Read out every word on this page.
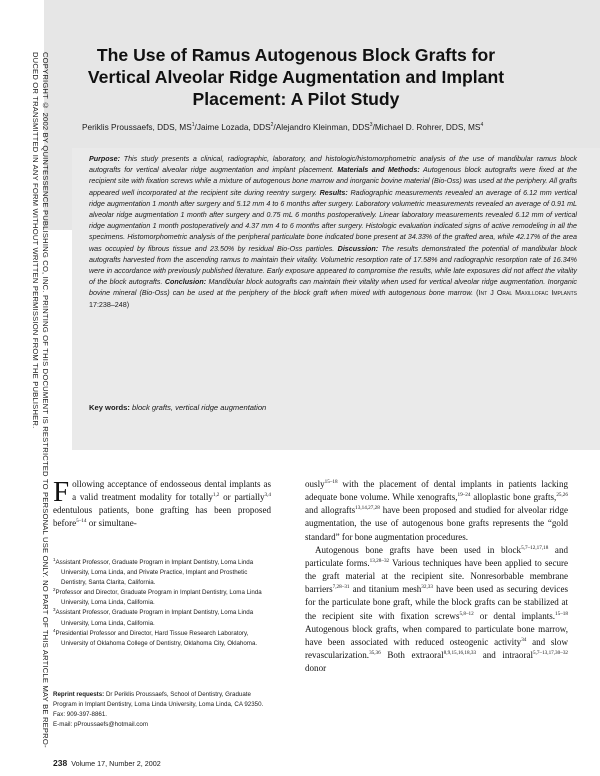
COPYRIGHT © 2002 BY QUINTESSENCE PUBLISHING CO, INC. PRINTING OF THIS DOCUMENT IS RESTRICTED TO PERSONAL USE ONLY. NO PART OF THIS ARTICLE MAY BE REPRO-
DUCED OR TRANSMITTED IN ANY FORM WITHOUT WRITTEN PERMISSION FROM THE PUBLISHER.
The Use of Ramus Autogenous Block Grafts for Vertical Alveolar Ridge Augmentation and Implant Placement: A Pilot Study
Periklis Proussaefs, DDS, $MS^1$/Jaime Lozada, DDS$^2$/Alejandro Kleinman, DDS$^3$/Michael D. Rohrer, DDS, $MS^4$
Purpose: This study presents a clinical, radiographic, laboratory, and histologic/histomorphometric analysis of the use of mandibular ramus block autografts for vertical alveolar ridge augmentation and implant placement. Materials and Methods: Autogenous block autografts were fixed at the recipient site with fixation screws while a mixture of autogenous bone marrow and inorganic bovine material (Bio-Oss) was used at the periphery. All grafts appeared well incorporated at the recipient site during reentry surgery. Results: Radiographic measurements revealed an average of 6.12 mm vertical ridge augmentation 1 month after surgery and 5.12 mm 4 to 6 months after surgery. Laboratory volumetric measurements revealed an average of 0.91 mL alveolar ridge augmentation 1 month after surgery and 0.75 mL 6 months postoperatively. Linear laboratory measurements revealed 6.12 mm of vertical ridge augmentation 1 month postoperatively and 4.37 mm 4 to 6 months after surgery. Histologic evaluation indicated signs of active remodeling in all the specimens. Histomorphometric analysis of the peripheral particulate bone indicated bone present at 34.33% of the grafted area, while 42.17% of the area was occupied by fibrous tissue and 23.50% by residual Bio-Oss particles. Discussion: The results demonstrated the potential of mandibular block autografts harvested from the ascending ramus to maintain their vitality. Volumetric resorption rate of 17.58% and radiographic resorption rate of 16.34% were in accordance with previously published literature. Early exposure appeared to compromise the results, while late exposures did not affect the vitality of the block autografts. Conclusion: Mandibular block autografts can maintain their vitality when used for vertical alveolar ridge augmentation. Inorganic bovine mineral (Bio-Oss) can be used at the periphery of the block graft when mixed with autogenous bone marrow. (Int J Oral Maxillofac Implants 17:238–248)
Key words: block grafts, vertical ridge augmentation

Following acceptance of endosseous dental implants as a valid treatment modality for totally$^{1,2}$ or partially$^{3,4}$ edentulous patients, bone grafting has been proposed before$^{5-14}$ or simultane-

ously$^{15-18}$ with the placement of dental implants in patients lacking adequate bone volume. While xenografts,$^{19-24}$ alloplastic bone grafts,$^{25,26}$ and allografts$^{13,14,27,28}$ have been proposed and studied for alveolar ridge augmentation, the use of autogenous bone grafts represents the “gold standard” for bone augmentation procedures.

Autogenous bone grafts have been used in block$^{5,7-12,17,18}$ and particulate forms.$^{13,28-32}$ Various techniques have been applied to secure the graft material at the recipient site. Nonresorbable membrane barriers$^{7,28-31}$ and titanium mesh$^{32,33}$ have been used as securing devices for the particulate bone graft, while the block grafts can be stabilized at the recipient site with fixation screws$^{5,8-12}$ or dental implants.$^{15-18}$ Autogenous block grafts, when compared to particulate bone marrow, have been associated with reduced osteogenic activity$^{34}$ and slow revascularization.$^{35,36}$ Both extraoral$^{8,9,15,16,18,33}$ and intraoral$^{5,7-13,17,30-32}$ donor

$^1$Assistant Professor, Graduate Program in Implant Dentistry, Loma Linda University, Loma Linda, and Private Practice, Implant and Prosthetic Dentistry, Santa Clarita, California.

$^2$Professor and Director, Graduate Program in Implant Dentistry, Loma Linda University, Loma Linda, California.

$^3$Assistant Professor, Graduate Program in Implant Dentistry, Loma Linda University, Loma Linda, California.

$^4$Presidential Professor and Director, Hard Tissue Research Laboratory, University of Oklahoma College of Dentistry, Oklahoma City, Oklahoma.

Reprint requests: Dr Periklis Proussaefs, School of Dentistry, Graduate Program in Implant Dentistry, Loma Linda University, Loma Linda, CA 92350. Fax: 909-397-8861.
E-mail: pProussaefs@hotmail.com
238 Volume 17, Number 2, 2002
